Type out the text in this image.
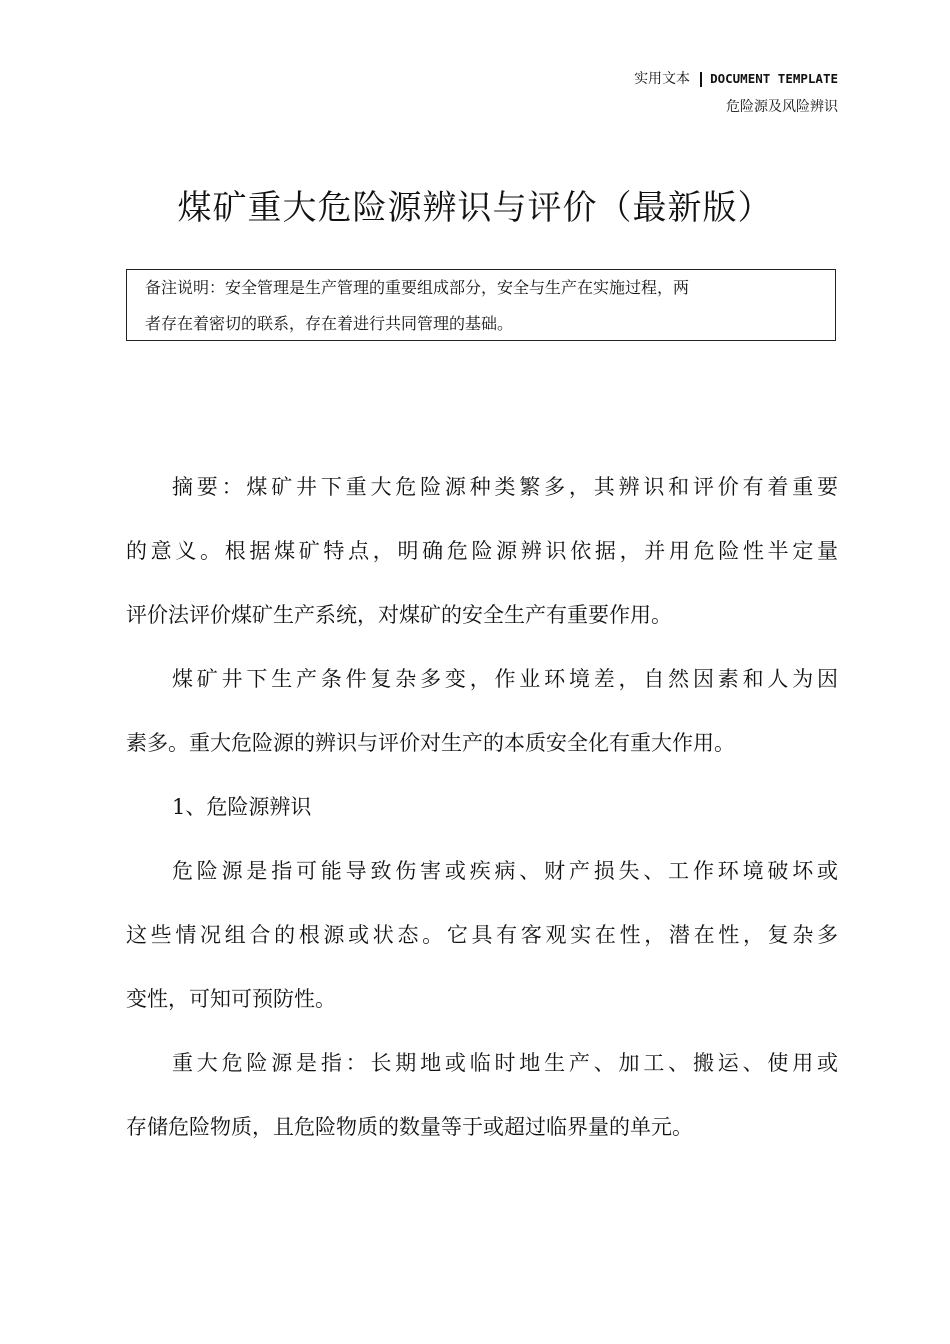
实用文本 DOCUMENT TEMPLATE
危险源及风险辨识
煤矿重大危险源辨识与评价（最新版）

备注说明：安全管理是生产管理的重要组成部分，安全与生产在实施过程，两

者存在着密切的联系，存在着进行共同管理的基础。

摘要：煤矿井下重大危险源种类繁多，其辨识和评价有着重要
的意义。根据煤矿特点，明确危险源辨识依据，并用危险性半定量
评价法评价煤矿生产系统，对煤矿的安全生产有重要作用。
煤矿井下生产条件复杂多变，作业环境差，自然因素和人为因
素多。重大危险源的辨识与评价对生产的本质安全化有重大作用。
1、危险源辨识
危险源是指可能导致伤害或疾病、财产损失、工作环境破坏或
这些情况组合的根源或状态。它具有客观实在性，潜在性，复杂多
变性，可知可预防性。
重大危险源是指：长期地或临时地生产、加工、搬运、使用或
存储危险物质，且危险物质的数量等于或超过临界量的单元。
